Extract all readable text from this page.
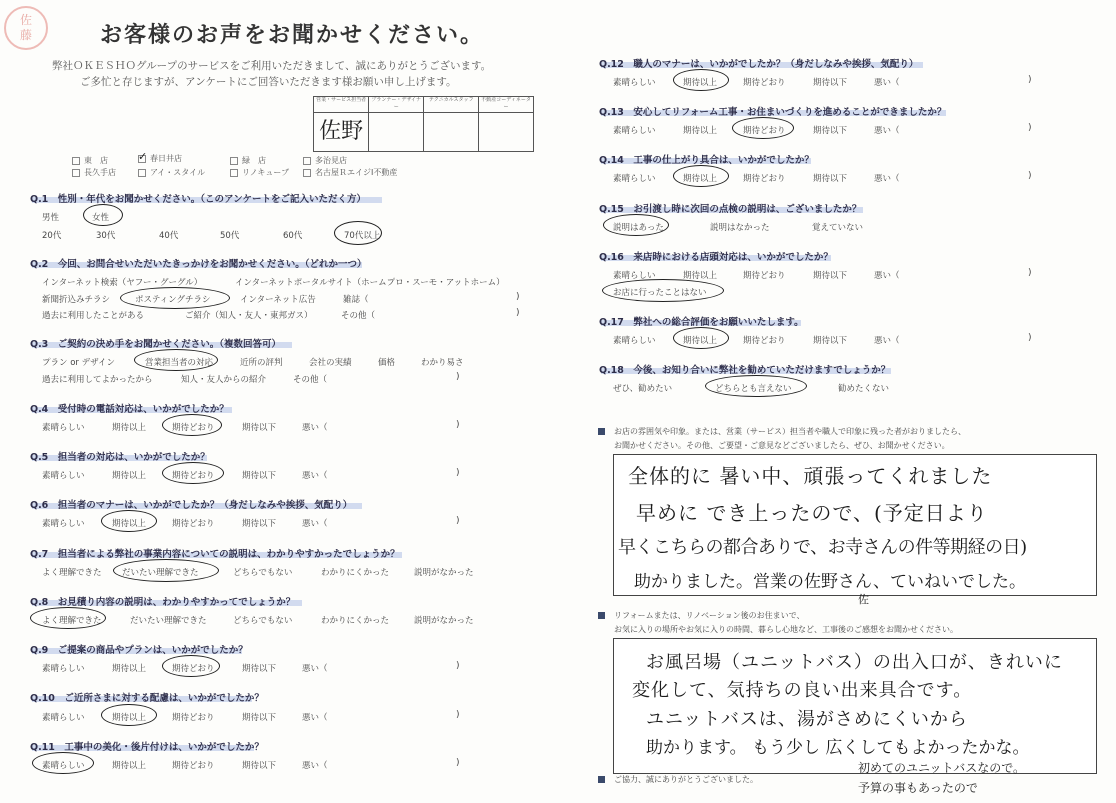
佐
藤	お客様のお声をお聞かせください。
弊社ＯＫＥＳＨＯグループのサービスをご利用いただきまして、誠にありがとうございます。
ご多忙と存じますが、アンケートにご回答いただきます様お願い申し上げます。
営業・サービス担当者	プランナー・デザイナー	テクニカルスタッフ	不動産コーディネーター
佐野			
東　店	✓ 春日井店	緑　店	多治見店
長久手店	アイ・スタイル	リノキューブ	名古屋ＲエイジI不動産
Q.1　性別・年代をお聞かせください。（このアンケートをご記入いただく方）
男性	女性
20代	30代	40代	50代	60代	70代以上
Q.2　今回、お問合せいただいたきっかけをお聞かせください。（どれか一つ）
インターネット検索（ヤフー・グーグル）	インターネットポータルサイト（ホームプロ・スーモ・アットホーム）
新聞折込みチラシ	ポスティングチラシ	インターネット広告	雑誌（	)
過去に利用したことがある	ご紹介（知人・友人・東邦ガス）	その他（	)
Q.3　ご契約の決め手をお聞かせください。（複数回答可）
プラン or デザイン	営業担当者の対応	近所の評判	会社の実績	価格	わかり易さ
過去に利用してよかったから	知人・友人からの紹介	その他（	)
Q.4　受付時の電話対応は、いかがでしたか？
素晴らしい	期待以上	期待どおり	期待以下	悪い（	)
Q.5　担当者の対応は、いかがでしたか？
素晴らしい	期待以上	期待どおり	期待以下	悪い（	)
Q.6　担当者のマナーは、いかがでしたか？（身だしなみや挨拶、気配り）
素晴らしい	期待以上	期待どおり	期待以下	悪い（	)
Q.7　担当者による弊社の事業内容についての説明は、わかりやすかったでしょうか？
よく理解できた だいたい理解できた	どちらでもない	わかりにくかった	説明がなかった
Q.8　お見積り内容の説明は、わかりやすかってでしょうか？
よく理解できた	だいたい理解できた	どちらでもない	わかりにくかった	説明がなかった
Q.9　ご提案の商品やプランは、いかがでしたか？
素晴らしい	期待以上	期待どおり	期待以下	悪い（	)
Q.10　ご近所さまに対する配慮は、いかがでしたか？
素晴らしい	期待以上	期待どおり	期待以下	悪い（	)
Q.11　工事中の美化・後片付けは、いかがでしたか？
素晴らしい	期待以上	期待どおり	期待以下	悪い（	)
Q.12　職人のマナーは、いかがでしたか？（身だしなみや挨拶、気配り）
素晴らしい	期待以上	期待どおり	期待以下	悪い（	)
Q.13　安心してリフォーム工事・お住まいづくりを進めることができましたか？
素晴らしい	期待以上	期待どおり	期待以下	悪い（	)
Q.14　工事の仕上がり具合は、いかがでしたか？
素晴らしい	期待以上	期待どおり	期待以下	悪い（	)
Q.15　お引渡し時に次回の点検の説明は、ございましたか？
説明はあった	説明はなかった	覚えていない
Q.16　来店時における店頭対応は、いかがでしたか？
素晴らしい	期待以上	期待どおり	期待以下	悪い（	)
お店に行ったことはない
Q.17　弊社への総合評価をお願いいたします。
素晴らしい	期待以上	期待どおり	期待以下	悪い（	)
Q.18　今後、お知り合いに弊社を勧めていただけますでしょうか？
ぜひ、勧めたい	どちらとも言えない	勧めたくない
お店の雰囲気や印象。または、営業（サービス）担当者や職人で印象に残った者がおりましたら、
お聞かせください。その他、ご要望・ご意見などございましたら、ぜひ、お聞かせください。
全体的に 暑い中、頑張ってくれました
早めに でき上ったので、(予定日より
早くこちらの都合ありで、お寺さんの件等期経の日)
助かりました。営業の佐野さん、ていねいでした。
佐
リフォームまたは、リノベーション後のお住まいで、
お気に入りの場所やお気に入りの時間、暮らし心地など、工事後のご感想をお聞かせください。
お風呂場（ユニットバス）の出入口が、きれいに
変化して、気持ちの良い出来具合です。
ユニットバスは、湯がさめにくいから
助かります。 もう少し 広くしてもよかったかな。
初めてのユニットバスなので。
予算の事もあったので
ご協力、誠にありがとうございました。
